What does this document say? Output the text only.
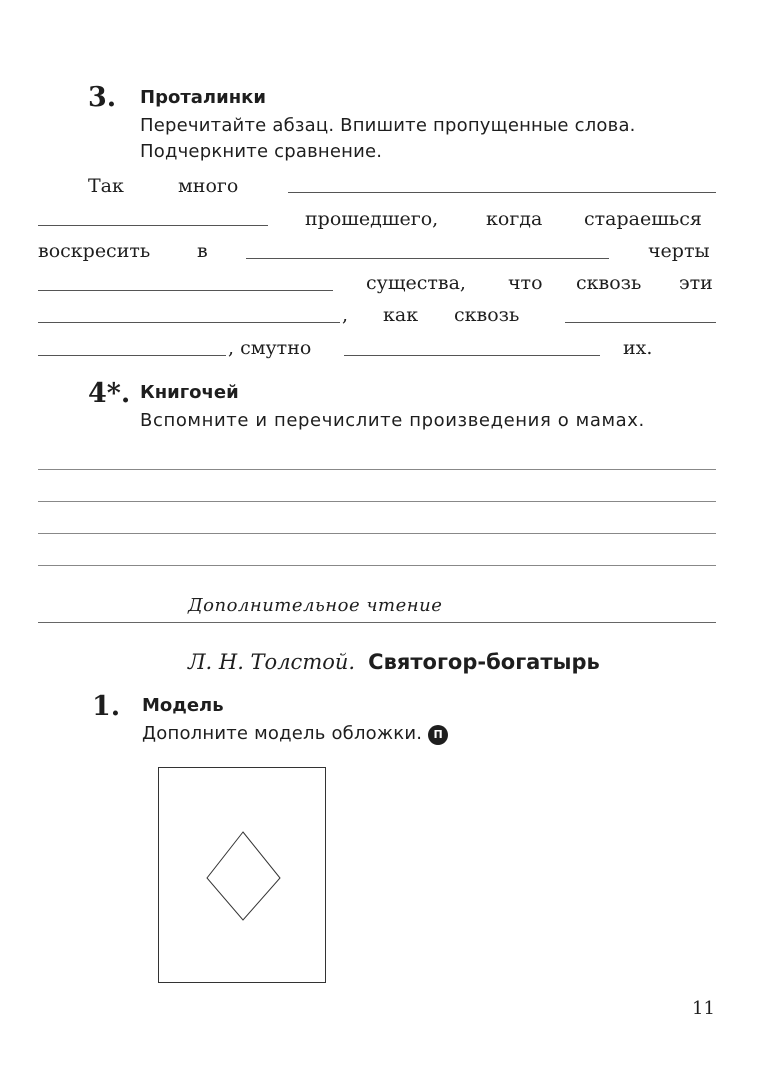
3. Проталинки
Перечитайте абзац. Впишите пропущенные слова.
Подчеркните сравнение.
Так	много
прошедшего,	когда стараешься
воскресить в	черты
существа, что сквозь эти
, как сквозь
, смутно	их.
4*. Книгочей
Вспомните и перечислите произведения о мамах.
Дополнительное чтение
Л. Н. Толстой. Святогор-богатырь
1. Модель
Дополните модель обложки. П
11
